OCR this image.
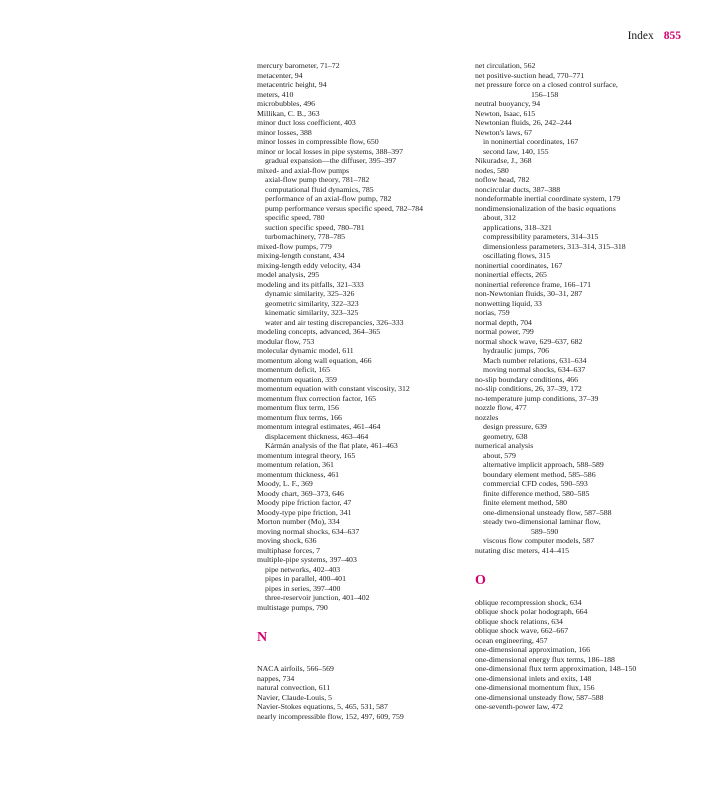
Index 855
mercury barometer, 71–72
metacenter, 94
metacentric height, 94
meters, 410
microbubbles, 496
Millikan, C. B., 363
minor duct loss coefficient, 403
minor losses, 388
minor losses in compressible flow, 650
minor or local losses in pipe systems, 388–397
gradual expansion—the diffuser, 395–397
mixed- and axial-flow pumps
axial-flow pump theory, 781–782
computational fluid dynamics, 785
performance of an axial-flow pump, 782
pump performance versus specific speed, 782–784
specific speed, 780
suction specific speed, 780–781
turbomachinery, 778–785
mixed-flow pumps, 779
mixing-length constant, 434
mixing-length eddy velocity, 434
model analysis, 295
modeling and its pitfalls, 321–333
dynamic similarity, 325–326
geometric similarity, 322–323
kinematic similarity, 323–325
water and air testing discrepancies, 326–333
modeling concepts, advanced, 364–365
modular flow, 753
molecular dynamic model, 611
momentum along wall equation, 466
momentum deficit, 165
momentum equation, 359
momentum equation with constant viscosity, 312
momentum flux correction factor, 165
momentum flux term, 156
momentum flux terms, 166
momentum integral estimates, 461–464
displacement thickness, 463–464
Kármán analysis of the flat plate, 461–463
momentum integral theory, 165
momentum relation, 361
momentum thickness, 461
Moody, L. F., 369
Moody chart, 369–373, 646
Moody pipe friction factor, 47
Moody-type pipe friction, 341
Morton number (Mo), 334
moving normal shocks, 634–637
moving shock, 636
multiphase forces, 7
multiple-pipe systems, 397–403
pipe networks, 402–403
pipes in parallel, 400–401
pipes in series, 397–400
three-reservoir junction, 401–402
multistage pumps, 790
N
NACA airfoils, 566–569
nappes, 734
natural convection, 611
Navier, Claude-Louis, 5
Navier-Stokes equations, 5, 465, 531, 587
nearly incompressible flow, 152, 497, 609, 759
net circulation, 562
net positive-suction head, 770–771
net pressure force on a closed control surface,
156–158
neutral buoyancy, 94
Newton, Isaac, 615
Newtonian fluids, 26, 242–244
Newton's laws, 67
in noninertial coordinates, 167
second law, 140, 155
Nikuradse, J., 368
nodes, 580
noflow head, 782
noncircular ducts, 387–388
nondeformable inertial coordinate system, 179
nondimensionalization of the basic equations
about, 312
applications, 318–321
compressibility parameters, 314–315
dimensionless parameters, 313–314, 315–318
oscillating flows, 315
noninertial coordinates, 167
noninertial effects, 265
noninertial reference frame, 166–171
non-Newtonian fluids, 30–31, 287
nonwetting liquid, 33
norias, 759
normal depth, 704
normal power, 799
normal shock wave, 629–637, 682
hydraulic jumps, 706
Mach number relations, 631–634
moving normal shocks, 634–637
no-slip boundary conditions, 466
no-slip conditions, 26, 37–39, 172
no-temperature jump conditions, 37–39
nozzle flow, 477
nozzles
design pressure, 639
geometry, 638
numerical analysis
about, 579
alternative implicit approach, 588–589
boundary element method, 585–586
commercial CFD codes, 590–593
finite difference method, 580–585
finite element method, 580
one-dimensional unsteady flow, 587–588
steady two-dimensional laminar flow,
589–590
viscous flow computer models, 587
nutating disc meters, 414–415
O
oblique recompression shock, 634
oblique shock polar hodograph, 664
oblique shock relations, 634
oblique shock wave, 662–667
ocean engineering, 457
one-dimensional approximation, 166
one-dimensional energy flux terms, 186–188
one-dimensional flux term approximation, 148–150
one-dimensional inlets and exits, 148
one-dimensional momentum flux, 156
one-dimensional unsteady flow, 587–588
one-seventh-power law, 472
